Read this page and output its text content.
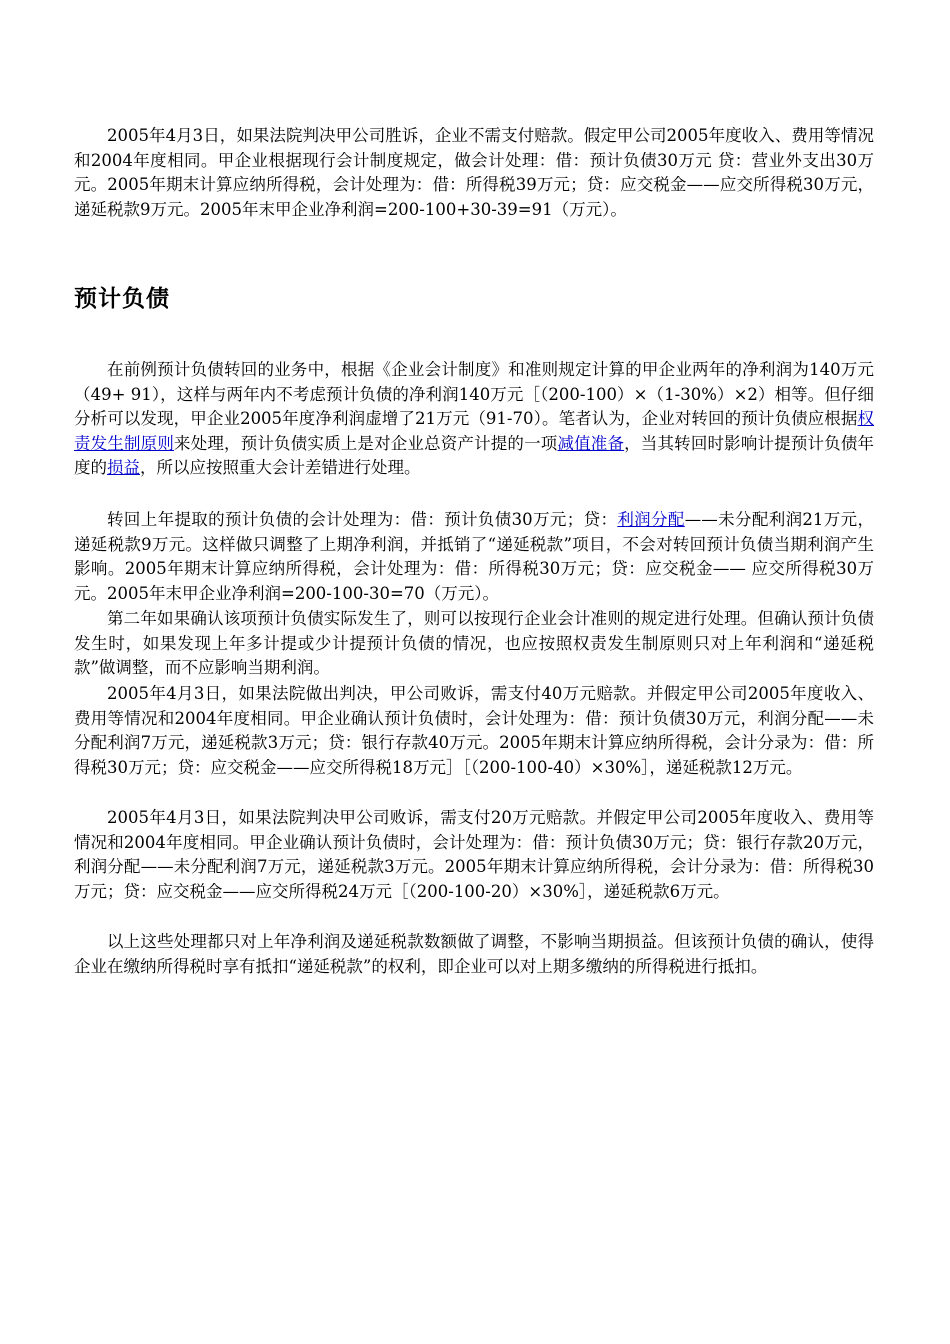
2005年4月3日，如果法院判决甲公司胜诉，企业不需支付赔款。假定甲公司2005年度收入、费用等情况和2004年度相同。甲企业根据现行会计制度规定，做会计处理：借：预计负债30万元 贷：营业外支出30万元。2005年期末计算应纳所得税，会计处理为：借：所得税39万元；贷：应交税金——应交所得税30万元，递延税款9万元。2005年末甲企业净利润=200-100+30-39=91（万元）。

预计负债

在前例预计负债转回的业务中，根据《企业会计制度》和准则规定计算的甲企业两年的净利润为140万元（49+ 91），这样与两年内不考虑预计负债的净利润140万元［（200-100）×（1-30%）×2）相等。但仔细分析可以发现，甲企业2005年度净利润虚增了21万元（91-70）。笔者认为，企业对转回的预计负债应根据权责发生制原则来处理，预计负债实质上是对企业总资产计提的一项减值准备，当其转回时影响计提预计负债年度的损益，所以应按照重大会计差错进行处理。

转回上年提取的预计负债的会计处理为：借：预计负债30万元；贷：利润分配——未分配利润21万元，递延税款9万元。这样做只调整了上期净利润，并抵销了“递延税款”项目，不会对转回预计负债当期利润产生影响。2005年期末计算应纳所得税，会计处理为：借：所得税30万元；贷：应交税金—— 应交所得税30万元。2005年末甲企业净利润=200-100-30=70（万元）。

第二年如果确认该项预计负债实际发生了，则可以按现行企业会计准则的规定进行处理。但确认预计负债发生时，如果发现上年多计提或少计提预计负债的情况，也应按照权责发生制原则只对上年利润和“递延税款”做调整，而不应影响当期利润。

2005年4月3日，如果法院做出判决，甲公司败诉，需支付40万元赔款。并假定甲公司2005年度收入、费用等情况和2004年度相同。甲企业确认预计负债时，会计处理为：借：预计负债30万元，利润分配——未分配利润7万元，递延税款3万元；贷：银行存款40万元。2005年期末计算应纳所得税，会计分录为：借：所得税30万元；贷：应交税金——应交所得税18万元］［（200-100-40）×30%］，递延税款12万元。

2005年4月3日，如果法院判决甲公司败诉，需支付20万元赔款。并假定甲公司2005年度收入、费用等情况和2004年度相同。甲企业确认预计负债时，会计处理为：借：预计负债30万元；贷：银行存款20万元，利润分配——未分配利润7万元，递延税款3万元。2005年期末计算应纳所得税，会计分录为：借：所得税30万元；贷：应交税金——应交所得税24万元［（200-100-20）×30%］，递延税款6万元。

以上这些处理都只对上年净利润及递延税款数额做了调整，不影响当期损益。但该预计负债的确认，使得企业在缴纳所得税时享有抵扣“递延税款”的权利，即企业可以对上期多缴纳的所得税进行抵扣。
